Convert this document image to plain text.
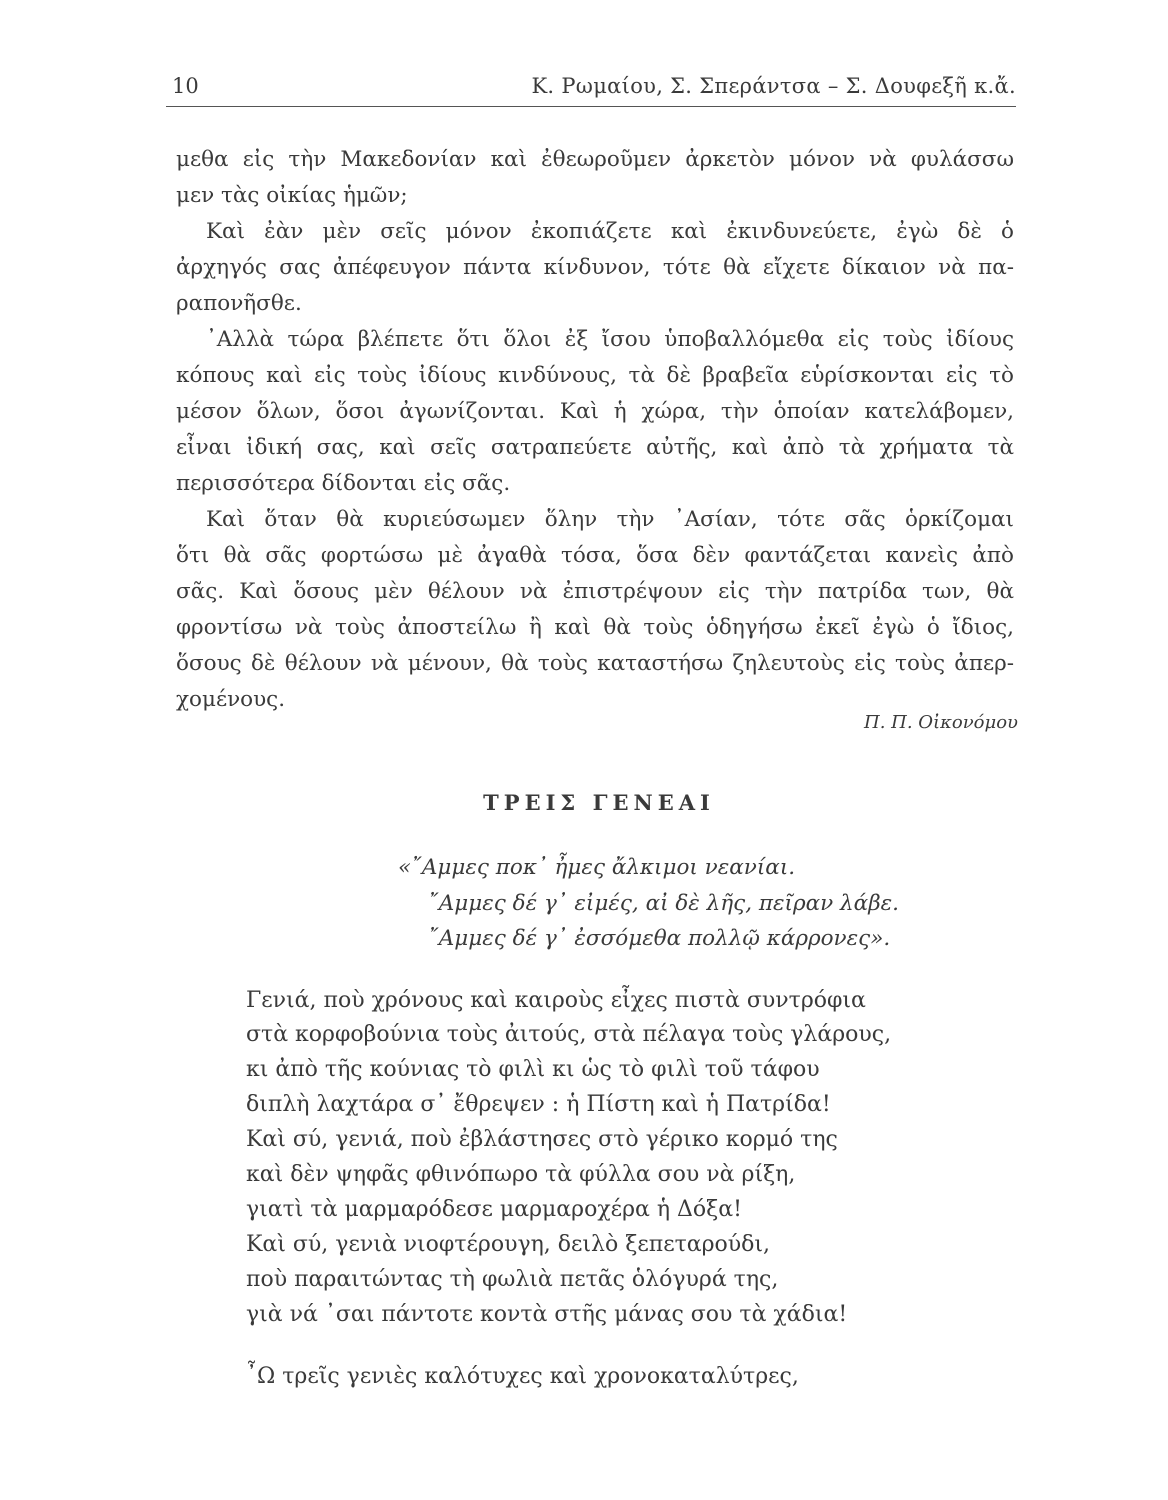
10	Κ. Ρωμαίου, Σ. Σπεράντσα – Σ. Δουφεξῆ κ.ἄ.
μεθα εἰς τὴν Μακεδονίαν καὶ ἐθεωροῦμεν ἀρκετὸν μόνον νὰ φυλάσσω
μεν τὰς οἰκίας ἡμῶν;
Καὶ ἐὰν μὲν σεῖς μόνον ἐκοπιάζετε καὶ ἐκινδυνεύετε, ἐγὼ δὲ ὁ
ἀρχηγός σας ἀπέφευγον πάντα κίνδυνον, τότε θὰ εἴχετε δίκαιον νὰ πα-
ραπονῆσθε.
᾿Αλλὰ τώρα βλέπετε ὅτι ὅλοι ἐξ ἴσου ὑποβαλλόμεθα εἰς τοὺς ἰδίους
κόπους καὶ εἰς τοὺς ἰδίους κινδύνους, τὰ δὲ βραβεῖα εὑρίσκονται εἰς τὸ
μέσον ὅλων, ὅσοι ἀγωνίζονται. Καὶ ἡ χώρα, τὴν ὁποίαν κατελάβομεν,
εἶναι ἰδική σας, καὶ σεῖς σατραπεύετε αὐτῆς, καὶ ἀπὸ τὰ χρήματα τὰ
περισσότερα δίδονται εἰς σᾶς.
Καὶ ὅταν θὰ κυριεύσωμεν ὅλην τὴν ᾿Ασίαν, τότε σᾶς ὁρκίζομαι
ὅτι θὰ σᾶς φορτώσω μὲ ἀγαθὰ τόσα, ὅσα δὲν φαντάζεται κανεὶς ἀπὸ
σᾶς. Καὶ ὅσους μὲν θέλουν νὰ ἐπιστρέψουν εἰς τὴν πατρίδα των, θὰ
φροντίσω νὰ τοὺς ἀποστείλω ἢ καὶ θὰ τοὺς ὁδηγήσω ἐκεῖ ἐγὼ ὁ ἴδιος,
ὅσους δὲ θέλουν νὰ μένουν, θὰ τοὺς καταστήσω ζηλευτοὺς εἰς τοὺς ἀπερ-
χομένους.
Π. Π. Οἰκονόμου
ΤΡΕΙΣ ΓΕΝΕΑΙ
«῎Αμμες ποκ᾿ ἦμες ἄλκιμοι νεανίαι.
῎Αμμες δέ γ᾿ εἰμές, αἰ δὲ λῆς, πεῖραν λάβε.
῎Αμμες δέ γ᾿ ἐσσόμεθα πολλῷ κάρρονες».
Γενιά, ποὺ χρόνους καὶ καιροὺς εἶχες πιστὰ συντρόφια
στὰ κορφοβούνια τοὺς ἀιτούς, στὰ πέλαγα τοὺς γλάρους,
κι ἀπὸ τῆς κούνιας τὸ φιλὶ κι ὡς τὸ φιλὶ τοῦ τάφου
διπλὴ λαχτάρα σ᾿ ἔθρεψεν : ἡ Πίστη καὶ ἡ Πατρίδα!
Καὶ σύ, γενιά, ποὺ ἐβλάστησες στὸ γέρικο κορμό της
καὶ δὲν ψηφᾶς φθινόπωρο τὰ φύλλα σου νὰ ρίξη,
γιατὶ τὰ μαρμαρόδεσε μαρμαροχέρα ἡ Δόξα!
Καὶ σύ, γενιὰ νιοφτέρουγη, δειλὸ ξεπεταρούδι,
ποὺ παραιτώντας τὴ φωλιὰ πετᾶς ὁλόγυρά της,
γιὰ νά ᾿σαι πάντοτε κοντὰ στῆς μάνας σου τὰ χάδια!
῏Ω τρεῖς γενιὲς καλότυχες καὶ χρονοκαταλύτρες,
